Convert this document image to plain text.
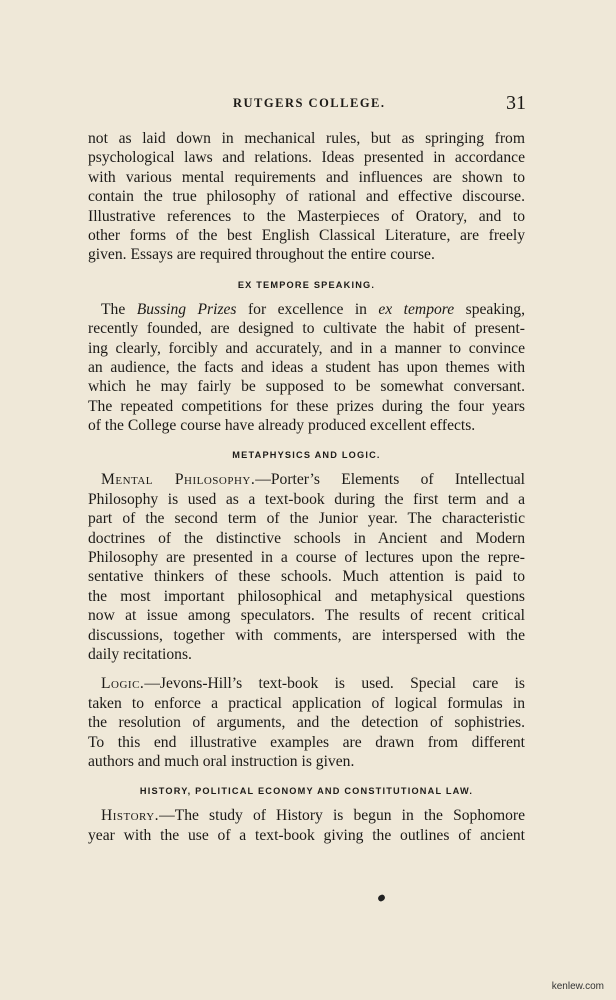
RUTGERS COLLEGE.	31
not as laid down in mechanical rules, but as springing from
psychological laws and relations. Ideas presented in accordance
with various mental requirements and influences are shown to
contain the true philosophy of rational and effective discourse.
Illustrative references to the Masterpieces of Oratory, and to
other forms of the best English Classical Literature, are freely
given. Essays are required throughout the entire course.
EX TEMPORE SPEAKING.
The Bussing Prizes for excellence in ex tempore speaking,
recently founded, are designed to cultivate the habit of present-
ing clearly, forcibly and accurately, and in a manner to convince
an audience, the facts and ideas a student has upon themes with
which he may fairly be supposed to be somewhat conversant.
The repeated competitions for these prizes during the four years
of the College course have already produced excellent effects.
METAPHYSICS AND LOGIC.
Mental Philosophy.—Porter’s Elements of Intellectual
Philosophy is used as a text-book during the first term and a
part of the second term of the Junior year. The characteristic
doctrines of the distinctive schools in Ancient and Modern
Philosophy are presented in a course of lectures upon the repre-
sentative thinkers of these schools. Much attention is paid to
the most important philosophical and metaphysical questions
now at issue among speculators. The results of recent critical
discussions, together with comments, are interspersed with the
daily recitations.
Logic.—Jevons-Hill’s text-book is used. Special care is
taken to enforce a practical application of logical formulas in
the resolution of arguments, and the detection of sophistries.
To this end illustrative examples are drawn from different
authors and much oral instruction is given.
HISTORY, POLITICAL ECONOMY AND CONSTITUTIONAL LAW.
History.—The study of History is begun in the Sophomore
year with the use of a text-book giving the outlines of ancient
kenlew.com
